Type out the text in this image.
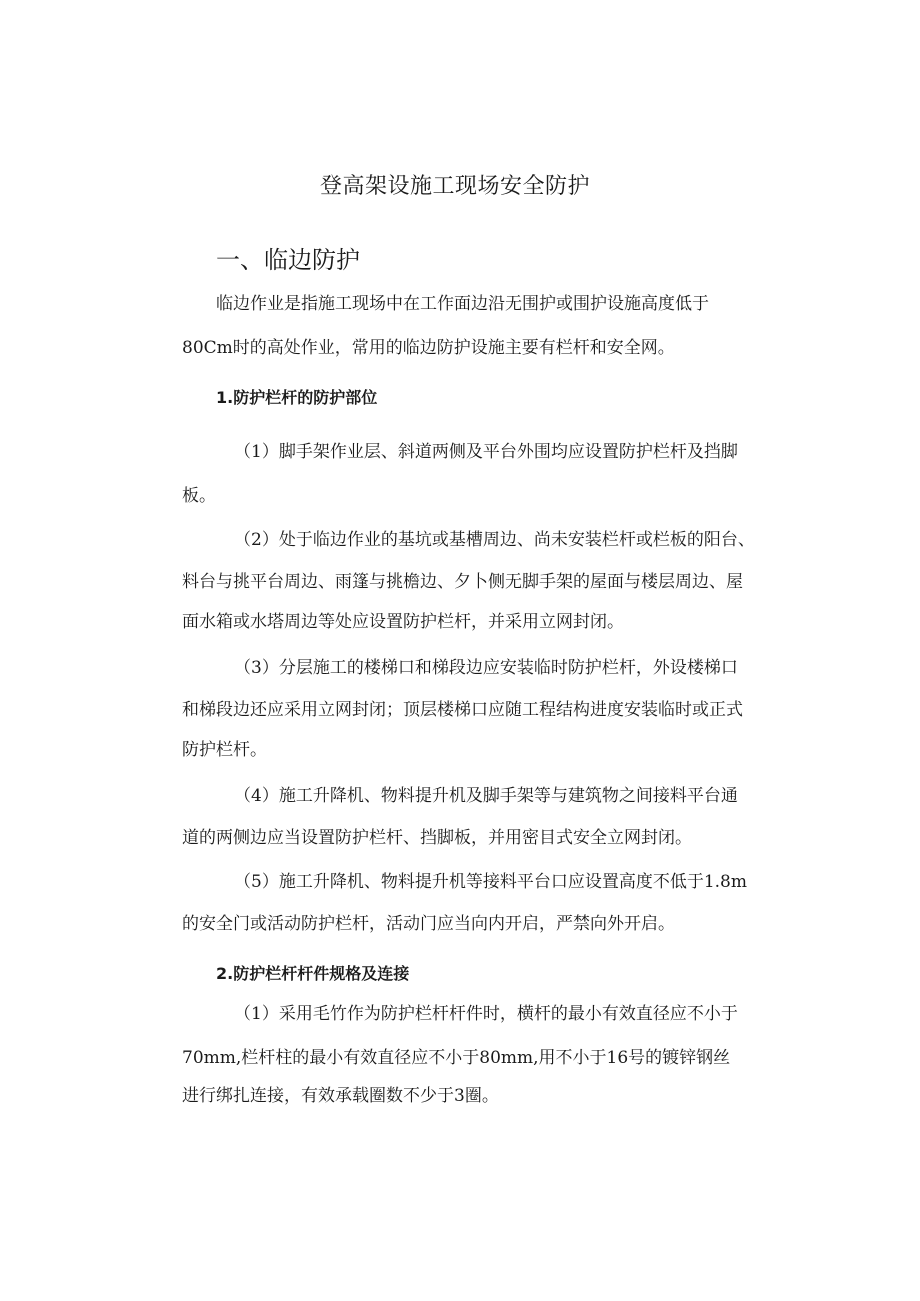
登高架设施工现场安全防护
一、临边防护
临边作业是指施工现场中在工作面边沿无围护或围护设施高度低于
80Cm时的高处作业，常用的临边防护设施主要有栏杆和安全网。
1.防护栏杆的防护部位
（1）脚手架作业层、斜道两侧及平台外围均应设置防护栏杆及挡脚
板。
（2）处于临边作业的基坑或基槽周边、尚未安装栏杆或栏板的阳台、
料台与挑平台周边、雨篷与挑檐边、夕卜侧无脚手架的屋面与楼层周边、屋
面水箱或水塔周边等处应设置防护栏杆，并采用立网封闭。
（3）分层施工的楼梯口和梯段边应安装临时防护栏杆，外设楼梯口
和梯段边还应采用立网封闭；顶层楼梯口应随工程结构进度安装临时或正式
防护栏杆。
（4）施工升降机、物料提升机及脚手架等与建筑物之间接料平台通
道的两侧边应当设置防护栏杆、挡脚板，并用密目式安全立网封闭。
（5）施工升降机、物料提升机等接料平台口应设置高度不低于1.8m
的安全门或活动防护栏杆，活动门应当向内开启，严禁向外开启。
2.防护栏杆杆件规格及连接
（1）采用毛竹作为防护栏杆杆件时，横杆的最小有效直径应不小于
70mm,栏杆柱的最小有效直径应不小于80mm,用不小于16号的镀锌钢丝
进行绑扎连接，有效承载圈数不少于3圈。
